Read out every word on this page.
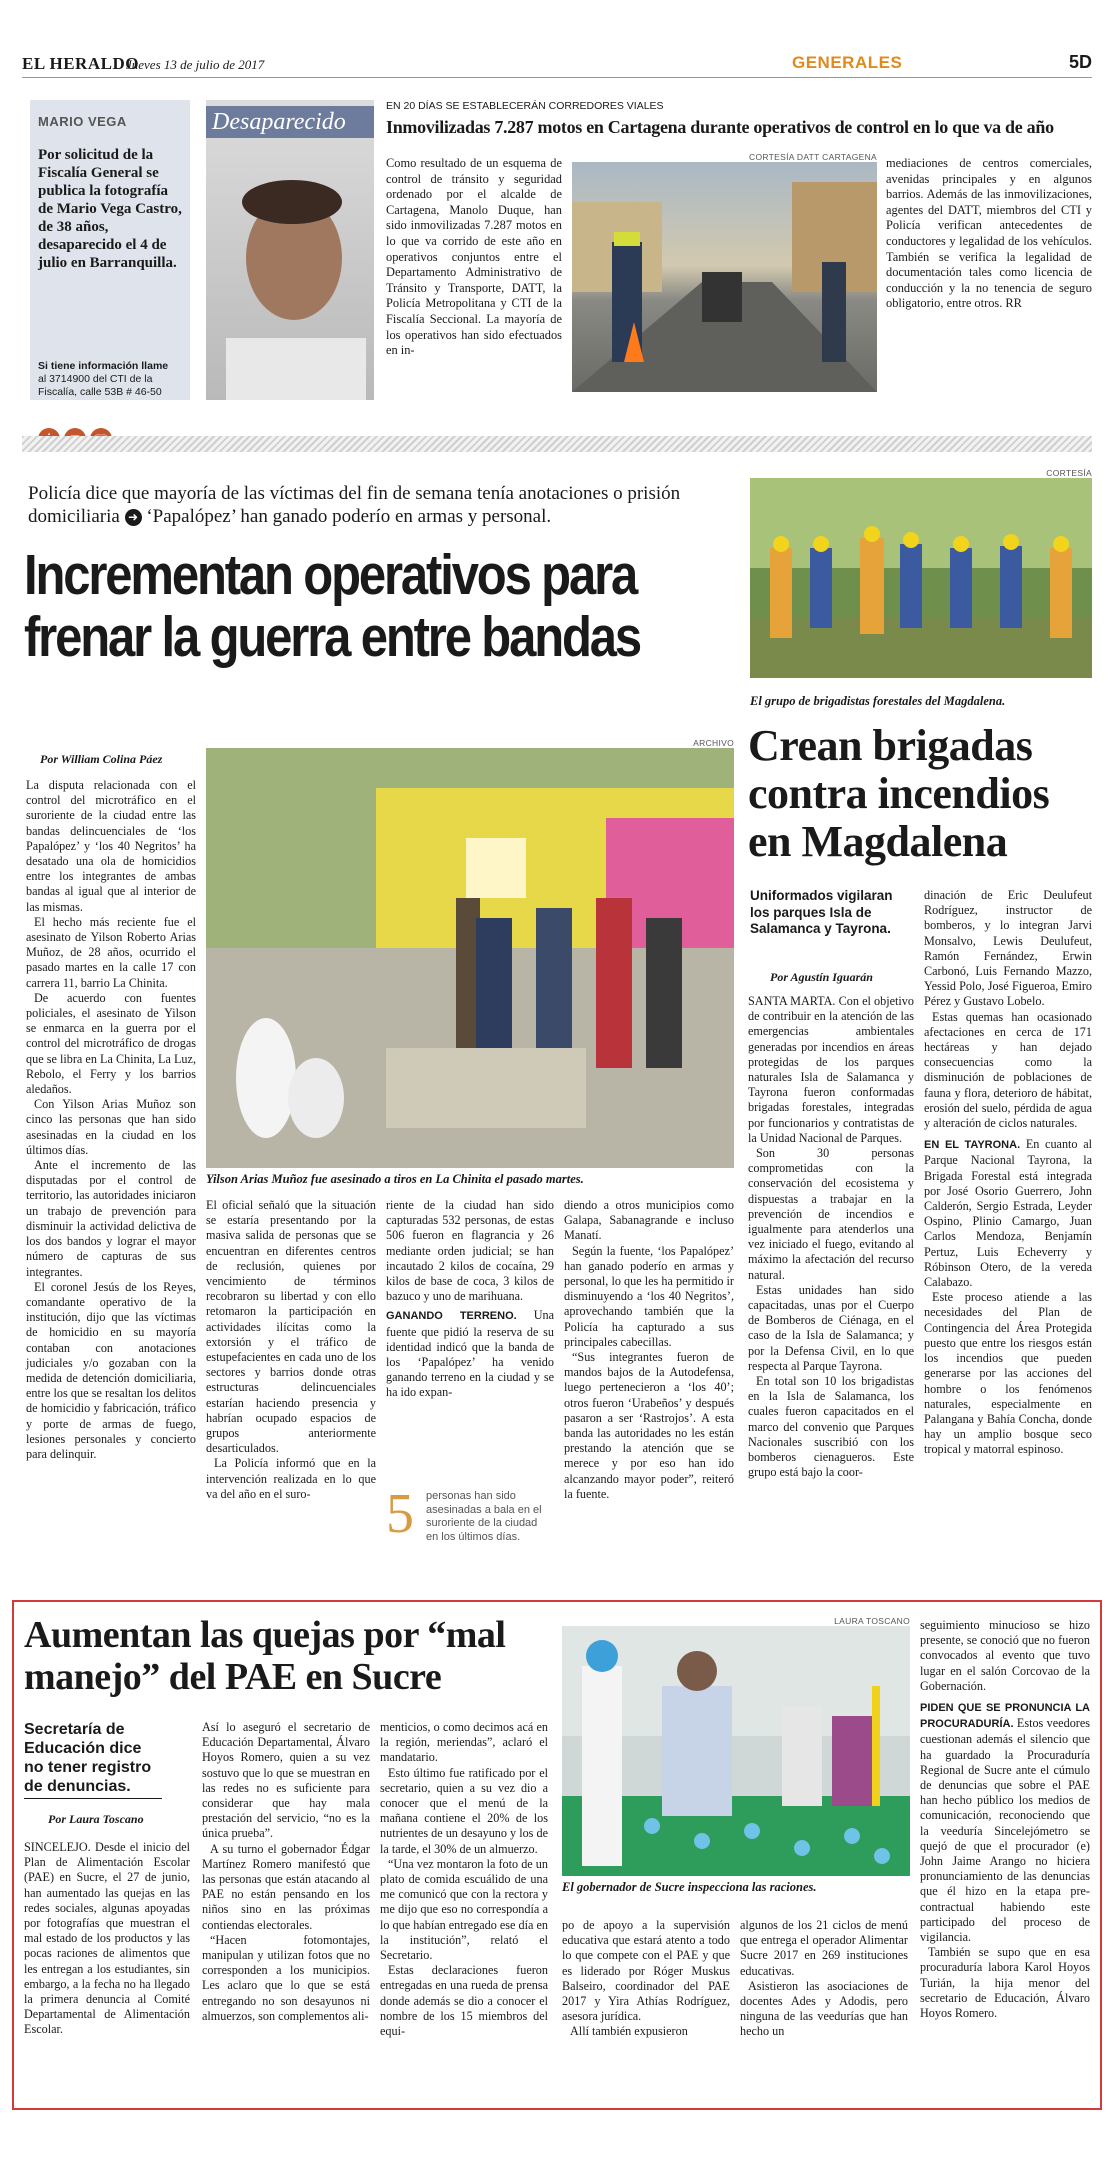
EL HERALDO
Jueves 13 de julio de 2017	GENERALES	5D
MARIO VEGA
Por solicitud de la Fiscalía General se publica la fotografía de Mario Vega Castro, de 38 años, desaparecido el 4 de julio en Barranquilla.
Si tiene información llame
al 3714900 del CTI de la Fiscalía, calle 53B # 46-50
Desaparecido
EN 20 DÍAS SE ESTABLECERÁN CORREDORES VIALES
Inmovilizadas 7.287 motos en Cartagena durante operativos de control en lo que va de año
Como resultado de un esquema de control de tránsito y seguridad ordenado por el alcalde de Cartagena, Manolo Duque, han sido inmovilizadas 7.287 motos en lo que va corrido de este año en operativos conjuntos entre el Departamento Administrativo de Tránsito y Transporte, DATT, la Policía Metropolitana y CTI de la Fiscalía Seccional. La mayoría de los operativos han sido efectuados en in-
CORTESÍA DATT CARTAGENA mediaciones de centros comerciales, avenidas principales y en algunos barrios. Además de las inmovilizaciones, agentes del DATT, miembros del CTI y Policía verifican antecedentes de conductores y legalidad de los vehículos. También se verifica la legalidad de documentación tales como licencia de conducción y la no tenencia de seguro obligatorio, entre otros. RR
Policía dice que mayoría de las víctimas del fin de semana tenía anotaciones o prisión domiciliaria ➜ ‘Papalópez’ han ganado poderío en armas y personal.
Incrementan operativos para frenar la guerra entre bandas
Por William Colina Páez

La disputa relacionada con el control del microtráfico en el suroriente de la ciudad entre las bandas delincuenciales de ‘los Papalópez’ y ‘los 40 Negritos’ ha desatado una ola de homicidios entre los integrantes de ambas bandas al igual que al interior de las mismas.

El hecho más reciente fue el asesinato de Yilson Roberto Arias Muñoz, de 28 años, ocurrido el pasado martes en la calle 17 con carrera 11, barrio La Chinita.

De acuerdo con fuentes policiales, el asesinato de Yilson se enmarca en la guerra por el control del microtráfico de drogas que se libra en La Chinita, La Luz, Rebolo, el Ferry y los barrios aledaños.

Con Yilson Arias Muñoz son cinco las personas que han sido asesinadas en la ciudad en los últimos días.

Ante el incremento de las disputadas por el control de territorio, las autoridades iniciaron un trabajo de prevención para disminuir la actividad delictiva de los dos bandos y lograr el mayor número de capturas de sus integrantes.

El coronel Jesús de los Reyes, comandante operativo de la institución, dijo que las víctimas de homicidio en su mayoría contaban con anotaciones judiciales y/o gozaban con la medida de detención domiciliaria, entre los que se resaltan los delitos de homicidio y fabricación, tráfico y porte de armas de fuego, lesiones personales y concierto para delinquir.

ARCHIVO
Yilson Arias Muñoz fue asesinado a tiros en La Chinita el pasado martes.

El oficial señaló que la situación se estaría presentando por la masiva salida de personas que se encuentran en diferentes centros de reclusión, quienes por vencimiento de términos recobraron su libertad y con ello retomaron la participación en actividades ilícitas como la extorsión y el tráfico de estupefacientes en cada uno de los sectores y barrios donde otras estructuras delincuenciales estarían haciendo presencia y habrían ocupado espacios de grupos anteriormente desarticulados.

La Policía informó que en la intervención realizada en lo que va del año en el suro-

riente de la ciudad han sido capturadas 532 personas, de estas 506 fueron en flagrancia y 26 mediante orden judicial; se han incautado 2 kilos de cocaína, 29 kilos de base de coca, 3 kilos de bazuco y uno de marihuana.

GANANDO TERRENO. Una fuente que pidió la reserva de su identidad indicó que la banda de los ‘Papalópez’ ha venido ganando terreno en la ciudad y se ha ido expan-

5 personas han sido asesinadas a bala en el suroriente de la ciudad en los últimos días.

diendo a otros municipios como Galapa, Sabanagrande e incluso Manatí.

Según la fuente, ‘los Papalópez’ han ganado poderío en armas y personal, lo que les ha permitido ir disminuyendo a ‘los 40 Negritos’, aprovechando también que la Policía ha capturado a sus principales cabecillas.

“Sus integrantes fueron de mandos bajos de la Autodefensa, luego pertenecieron a ‘los 40’; otros fueron ‘Urabeños’ y después pasaron a ser ‘Rastrojos’. A esta banda las autoridades no les están prestando la atención que se merece y por eso han ido alcanzando mayor poder”, reiteró la fuente.

CORTESÍA
El grupo de brigadistas forestales del Magdalena.
Crean brigadas contra incendios en Magdalena
Uniformados vigilaran los parques Isla de Salamanca y Tayrona.
Por Agustín Iguarán

SANTA MARTA. Con el objetivo de contribuir en la atención de las emergencias ambientales generadas por incendios en áreas protegidas de los parques naturales Isla de Salamanca y Tayrona fueron conformadas brigadas forestales, integradas por funcionarios y contratistas de la Unidad Nacional de Parques.

Son 30 personas comprometidas con la conservación del ecosistema y dispuestas a trabajar en la prevención de incendios e igualmente para atenderlos una vez iniciado el fuego, evitando al máximo la afectación del recurso natural.

Estas unidades han sido capacitadas, unas por el Cuerpo de Bomberos de Ciénaga, en el caso de la Isla de Salamanca; y por la Defensa Civil, en lo que respecta al Parque Tayrona.

En total son 10 los brigadistas en la Isla de Salamanca, los cuales fueron capacitados en el marco del convenio que Parques Nacionales suscribió con los bomberos cienagueros. Este grupo está bajo la coor-

dinación de Eric Deulufeut Rodríguez, instructor de bomberos, y lo integran Jarvi Monsalvo, Lewis Deulufeut, Ramón Fernández, Erwin Carbonó, Luis Fernando Mazzo, Yessid Polo, José Figueroa, Emiro Pérez y Gustavo Lobelo.

Estas quemas han ocasionado afectaciones en cerca de 171 hectáreas y han dejado consecuencias como la disminución de poblaciones de fauna y flora, deterioro de hábitat, erosión del suelo, pérdida de agua y alteración de ciclos naturales.

EN EL TAYRONA. En cuanto al Parque Nacional Tayrona, la Brigada Forestal está integrada por José Osorio Guerrero, John Calderón, Sergio Estrada, Leyder Ospino, Plinio Camargo, Juan Carlos Mendoza, Benjamín Pertuz, Luis Echeverry y Róbinson Otero, de la vereda Calabazo.

Este proceso atiende a las necesidades del Plan de Contingencia del Área Protegida puesto que entre los riesgos están los incendios que pueden generarse por las acciones del hombre o los fenómenos naturales, especialmente en Palangana y Bahía Concha, donde hay un amplio bosque seco tropical y matorral espinoso.

Aumentan las quejas por “mal manejo” del PAE en Sucre
Secretaría de Educación dice no tener registro de denuncias.
Por Laura Toscano

SINCELEJO. Desde el inicio del Plan de Alimentación Escolar (PAE) en Sucre, el 27 de junio, han aumentado las quejas en las redes sociales, algunas apoyadas por fotografías que muestran el mal estado de los productos y las pocas raciones de alimentos que les entregan a los estudiantes, sin embargo, a la fecha no ha llegado la primera denuncia al Comité Departamental de Alimentación Escolar.

Así lo aseguró el secretario de Educación Departamental, Álvaro Hoyos Romero, quien a su vez sostuvo que lo que se muestran en las redes no es suficiente para considerar que hay mala prestación del servicio, “no es la única prueba”.

A su turno el gobernador Édgar Martínez Romero manifestó que las personas que están atacando al PAE no están pensando en los niños sino en las próximas contiendas electorales.

“Hacen fotomontajes, manipulan y utilizan fotos que no corresponden a los municipios. Les aclaro que lo que se está entregando no son desayunos ni almuerzos, son complementos ali-

menticios, o como decimos acá en la región, meriendas”, aclaró el mandatario.

Esto último fue ratificado por el secretario, quien a su vez dio a conocer que el menú de la mañana contiene el 20% de los nutrientes de un desayuno y los de la tarde, el 30% de un almuerzo.

“Una vez montaron la foto de un plato de comida escuálido de una me comunicó que con la rectora y me dijo que eso no correspondía a lo que habían entregado ese día en la institución”, relató el Secretario.

Estas declaraciones fueron entregadas en una rueda de prensa donde además se dio a conocer el nombre de los 15 miembros del equi-

LAURA TOSCANO
El gobernador de Sucre inspecciona las raciones.

po de apoyo a la supervisión educativa que estará atento a todo lo que compete con el PAE y que es liderado por Róger Muskus Balseiro, coordinador del PAE 2017 y Yira Athías Rodríguez, asesora jurídica.

Allí también expusieron

algunos de los 21 ciclos de menú que entrega el operador Alimentar Sucre 2017 en 269 instituciones educativas.

Asistieron las asociaciones de docentes Ades y Adodis, pero ninguna de las veedurías que han hecho un

seguimiento minucioso se hizo presente, se conoció que no fueron convocados al evento que tuvo lugar en el salón Corcovao de la Gobernación.

PIDEN QUE SE PRONUNCIA LA PROCURADURÍA. Estos veedores cuestionan además el silencio que ha guardado la Procuraduría Regional de Sucre ante el cúmulo de denuncias que sobre el PAE han hecho público los medios de comunicación, reconociendo que la veeduría Sincelejómetro se quejó de que el procurador (e) John Jaime Arango no hiciera pronunciamiento de las denuncias que él hizo en la etapa pre-contractual habiendo este participado del proceso de vigilancia.

También se supo que en esa procuraduría labora Karol Hoyos Turián, la hija menor del secretario de Educación, Álvaro Hoyos Romero.
